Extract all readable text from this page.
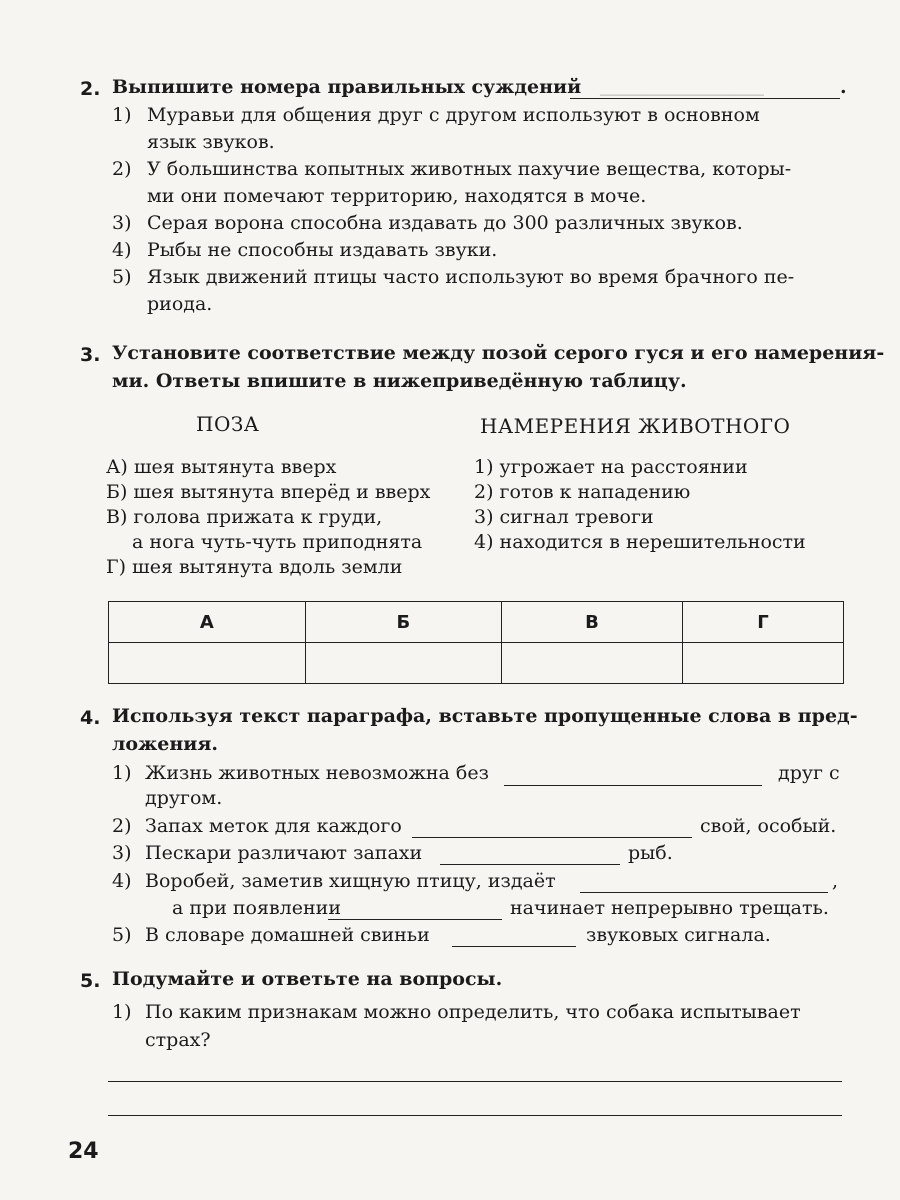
────────────────
2. Выпишите номера правильных суждений	.
1) Муравьи для общения друг с другом используют в основном
язык звуков.
2) У большинства копытных животных пахучие вещества, которы-
ми они помечают территорию, находятся в моче.
3) Серая ворона способна издавать до 300 различных звуков.
4) Рыбы не способны издавать звуки.
5) Язык движений птицы часто используют во время брачного пе-
риода.
3. Установите соответствие между позой серого гуся и его намерения-
ми. Ответы впишите в нижеприведённую таблицу.
ПОЗА	НАМЕРЕНИЯ ЖИВОТНОГО
А) шея вытянута вверх
Б) шея вытянута вперёд и вверх
В) голова прижата к груди,
а нога чуть-чуть приподнята
Г) шея вытянута вдоль земли
1) угрожает на расстоянии
2) готов к нападению
3) сигнал тревоги
4) находится в нерешительности
А	Б	В	Г

4. Используя текст параграфа, вставьте пропущенные слова в пред-
ложения.
1) Жизнь животных невозможна без	друг с
другом.
2) Запах меток для каждого	свой, особый.
3) Пескари различают запахи	рыб.
4) Воробей, заметив хищную птицу, издаёт	,
а при появлении	начинает непрерывно трещать.
5) В словаре домашней свиньи	звуковых сигнала.
5. Подумайте и ответьте на вопросы.
1) По каким признакам можно определить, что собака испытывает
страх?
24
